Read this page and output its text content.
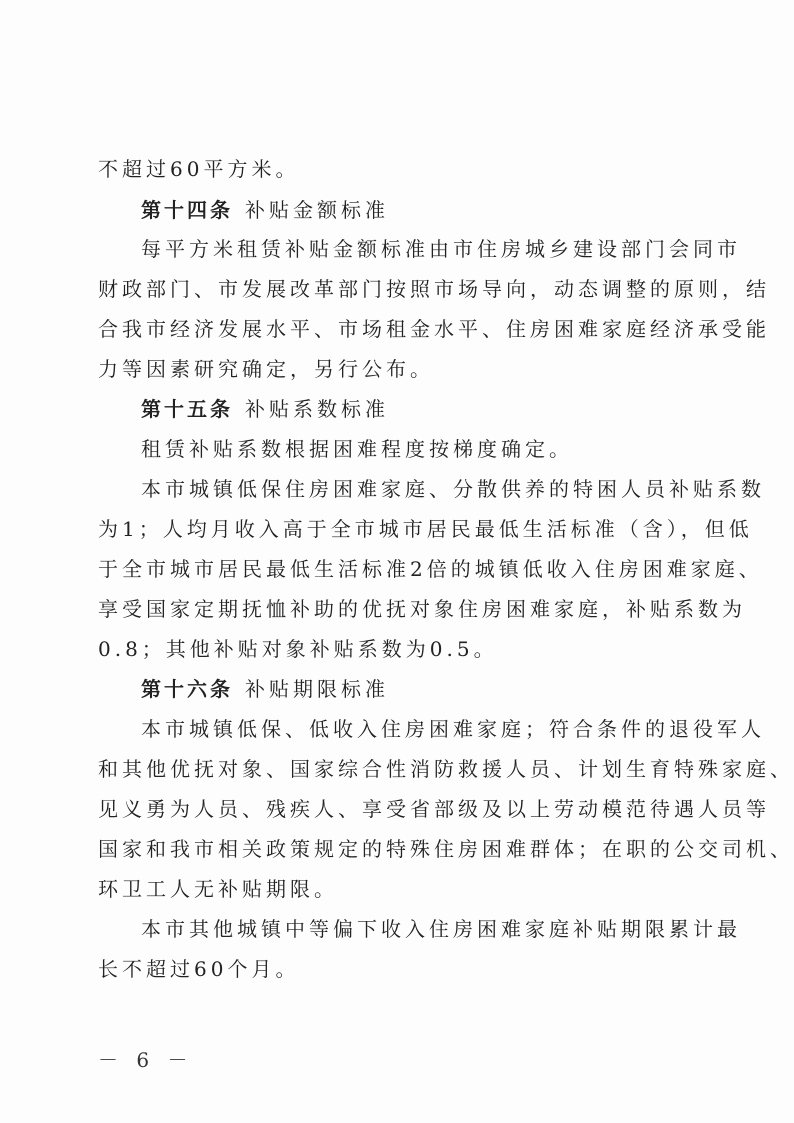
不超过60平方米。
第十四条 补贴金额标准
每平方米租赁补贴金额标准由市住房城乡建设部门会同市
财政部门、市发展改革部门按照市场导向，动态调整的原则，结
合我市经济发展水平、市场租金水平、住房困难家庭经济承受能
力等因素研究确定，另行公布。
第十五条 补贴系数标准
租赁补贴系数根据困难程度按梯度确定。
本市城镇低保住房困难家庭、分散供养的特困人员补贴系数
为1；人均月收入高于全市城市居民最低生活标准（含），但低
于全市城市居民最低生活标准2倍的城镇低收入住房困难家庭、
享受国家定期抚恤补助的优抚对象住房困难家庭，补贴系数为
0.8；其他补贴对象补贴系数为0.5。
第十六条 补贴期限标准
本市城镇低保、低收入住房困难家庭；符合条件的退役军人
和其他优抚对象、国家综合性消防救援人员、计划生育特殊家庭、
见义勇为人员、残疾人、享受省部级及以上劳动模范待遇人员等
国家和我市相关政策规定的特殊住房困难群体；在职的公交司机、
环卫工人无补贴期限。
本市其他城镇中等偏下收入住房困难家庭补贴期限累计最
长不超过60个月。
－ 6 －
